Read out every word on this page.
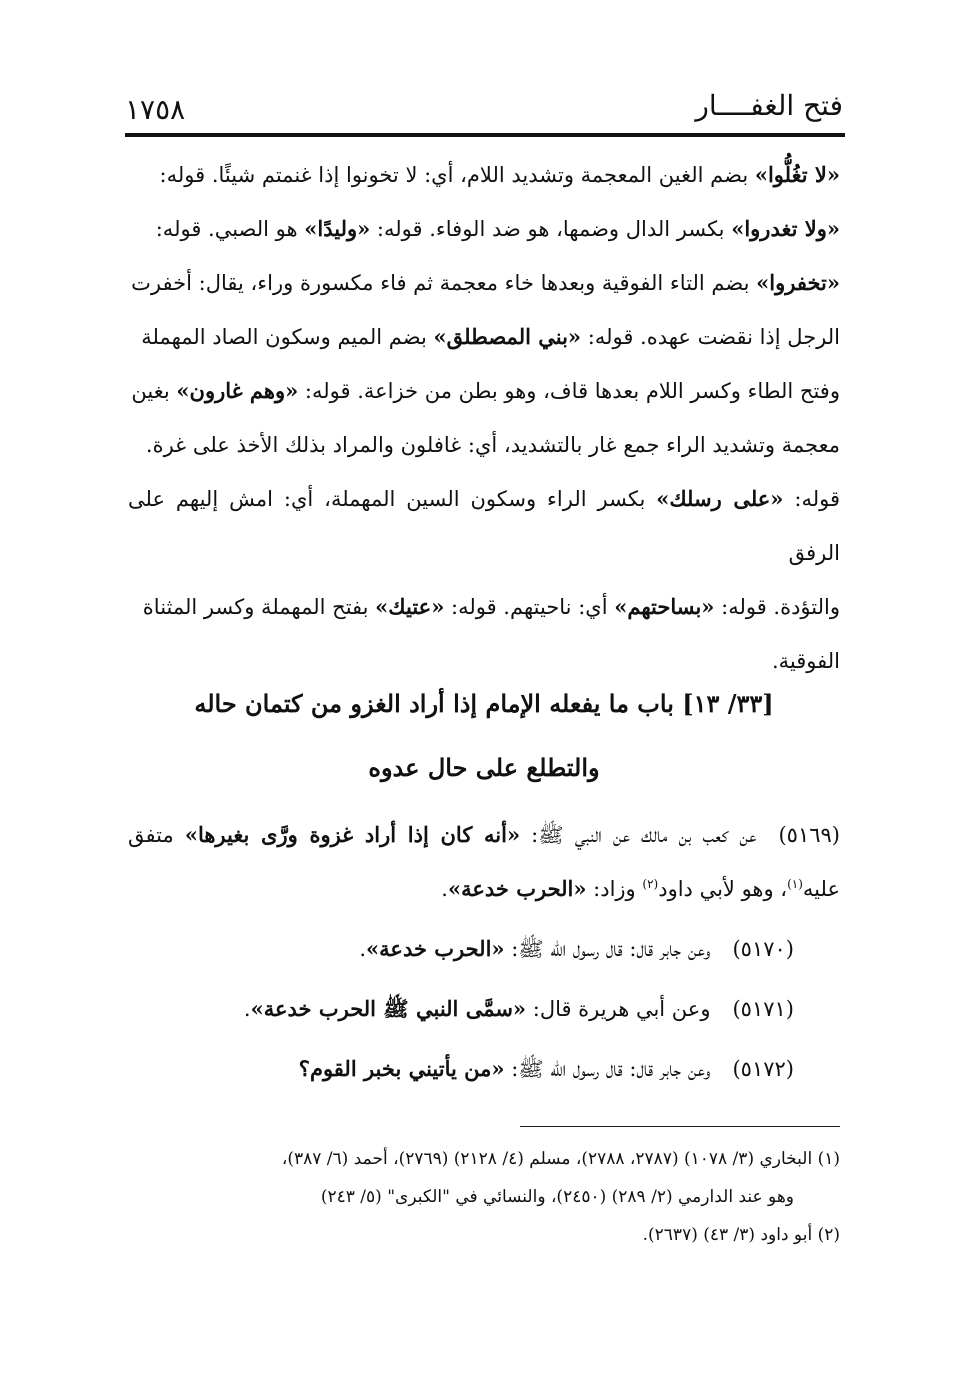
١٧٥٨	فتح الغفــــار

«لا تغُلُّوا» بضم الغين المعجمة وتشديد اللام، أي: لا تخونوا إذا غنمتم شيئًا. قوله:

«ولا تغدروا» بكسر الدال وضمها، هو ضد الوفاء. قوله: «وليدًا» هو الصبي. قوله:

«تخفروا» بضم التاء الفوقية وبعدها خاء معجمة ثم فاء مكسورة وراء، يقال: أخفرت

الرجل إذا نقضت عهده. قوله: «بني المصطلق» بضم الميم وسكون الصاد المهملة

وفتح الطاء وكسر اللام بعدها قاف، وهو بطن من خزاعة. قوله: «وهم غارون» بغين

معجمة وتشديد الراء جمع غار بالتشديد، أي: غافلون والمراد بذلك الأخذ على غرة.

قوله: «على رسلك» بكسر الراء وسكون السين المهملة، أي: امش إليهم على الرفق

والتؤدة. قوله: «بساحتهم» أي: ناحيتهم. قوله: «عتيك» بفتح المهملة وكسر المثناة

الفوقية.

[٣٣/ ١٣] باب ما يفعله الإمام إذا أراد الغزو من كتمان حاله
والتطلع على حال عدوه

(٥١٦٩)عن كعب بن مالك عن النبي ﷺ: «أنه كان إذا أراد غزوة ورَّى بغيرها» متفق عليه$^{(١)}$، وهو لأبي داود$^{(٢)}$ وزاد: «الحرب خدعة».

(٥١٧٠)وعن جابر قال: قال رسول الله ﷺ: «الحرب خدعة».

(٥١٧١)وعن أبي هريرة قال: «سمَّى النبي ﷺ الحرب خدعة».

(٥١٧٢)وعن جابر قال: قال رسول الله ﷺ: «من يأتيني بخبر القوم؟

(١) البخاري (٣/ ١٠٧٨) (٢٧٨٧، ٢٧٨٨)، مسلم (٤/ ٢١٢٨) (٢٧٦٩)، أحمد (٦/ ٣٨٧)،

وهو عند الدارمي (٢/ ٢٨٩) (٢٤٥٠)، والنسائي في "الكبرى" (٥/ ٢٤٣)

(٢) أبو داود (٣/ ٤٣) (٢٦٣٧).
